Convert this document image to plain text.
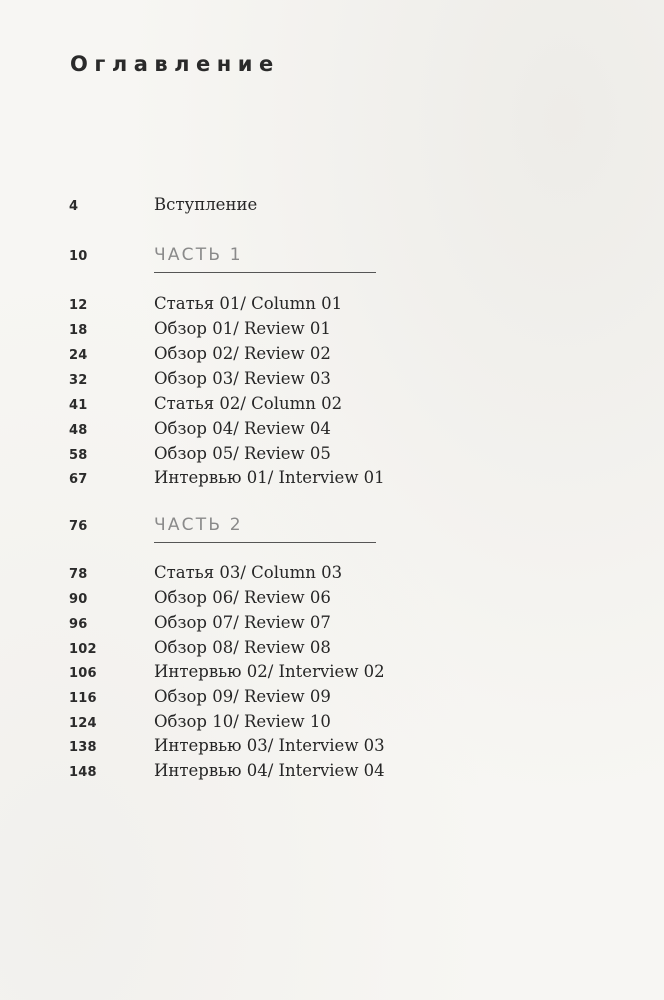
Оглавление
4	Вступление
10	ЧАСТЬ 1
12	Статья 01/ Column 01
18	Обзор 01/ Review 01
24	Обзор 02/ Review 02
32	Обзор 03/ Review 03
41	Статья 02/ Column 02
48	Обзор 04/ Review 04
58	Обзор 05/ Review 05
67	Интервью 01/ Interview 01
76	ЧАСТЬ 2
78	Статья 03/ Column 03
90	Обзор 06/ Review 06
96	Обзор 07/ Review 07
102	Обзор 08/ Review 08
106	Интервью 02/ Interview 02
116	Обзор 09/ Review 09
124	Обзор 10/ Review 10
138	Интервью 03/ Interview 03
148	Интервью 04/ Interview 04
